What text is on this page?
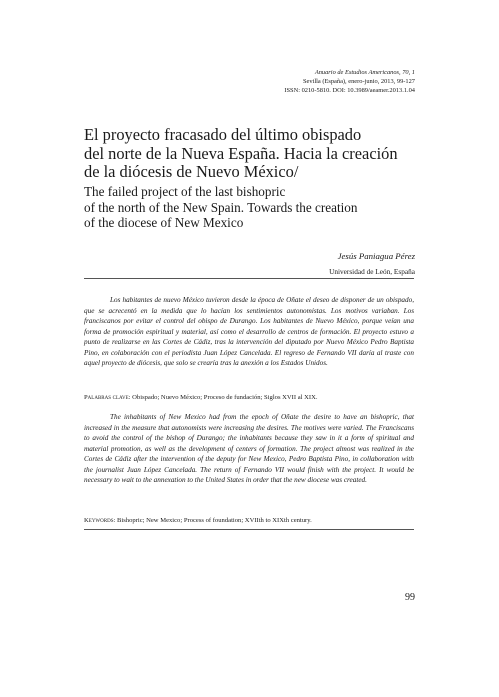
Anuario de Estudios Americanos, 70, 1
Sevilla (España), enero-junio, 2013, 99-127
ISSN: 0210-5810. DOI: 10.3989/aeamer.2013.1.04
El proyecto fracasado del último obispado
del norte de la Nueva España. Hacia la creación
de la diócesis de Nuevo México/
The failed project of the last bishopric
of the north of the New Spain. Towards the creation
of the diocese of New Mexico
Jesús Paniagua Pérez
Universidad de León, España

Los habitantes de nuevo México tuvieron desde la época de Oñate el deseo de disponer de un obispado, que se acrecentó en la medida que lo hacían los sentimientos autonomistas. Los motivos variaban. Los franciscanos por evitar el control del obispo de Durango. Los habitantes de Nuevo México, porque veían una forma de promoción espiritual y material, así como el desarrollo de centros de formación. El proyecto estuvo a punto de realizarse en las Cortes de Cádiz, tras la intervención del diputado por Nuevo México Pedro Baptista Pino, en colaboración con el periodista Juan López Cancelada. El regreso de Fernando VII daría al traste con aquel proyecto de diócesis, que solo se crearía tras la anexión a los Estados Unidos.

Palabras clave: Obispado; Nuevo México; Proceso de fundación; Siglos XVII al XIX.

The inhabitants of New Mexico had from the epoch of Oñate the desire to have an bishopric, that increased in the measure that autonomists were increasing the desires. The motives were varied. The Franciscans to avoid the control of the bishop of Durango; the inhabitants because they saw in it a form of spiritual and material promotion, as well as the development of centers of formation. The project almost was realized in the Cortes de Cádiz after the intervention of the deputy for New Mexico, Pedro Baptista Pino, in collaboration with the journalist Juan López Cancelada. The return of Fernando VII would finish with the project. It would be necessary to wait to the annexation to the United States in order that the new diocese was created.

Keywords: Bishopric; New Mexico; Process of foundation; XVIIth to XIXth century.
99
